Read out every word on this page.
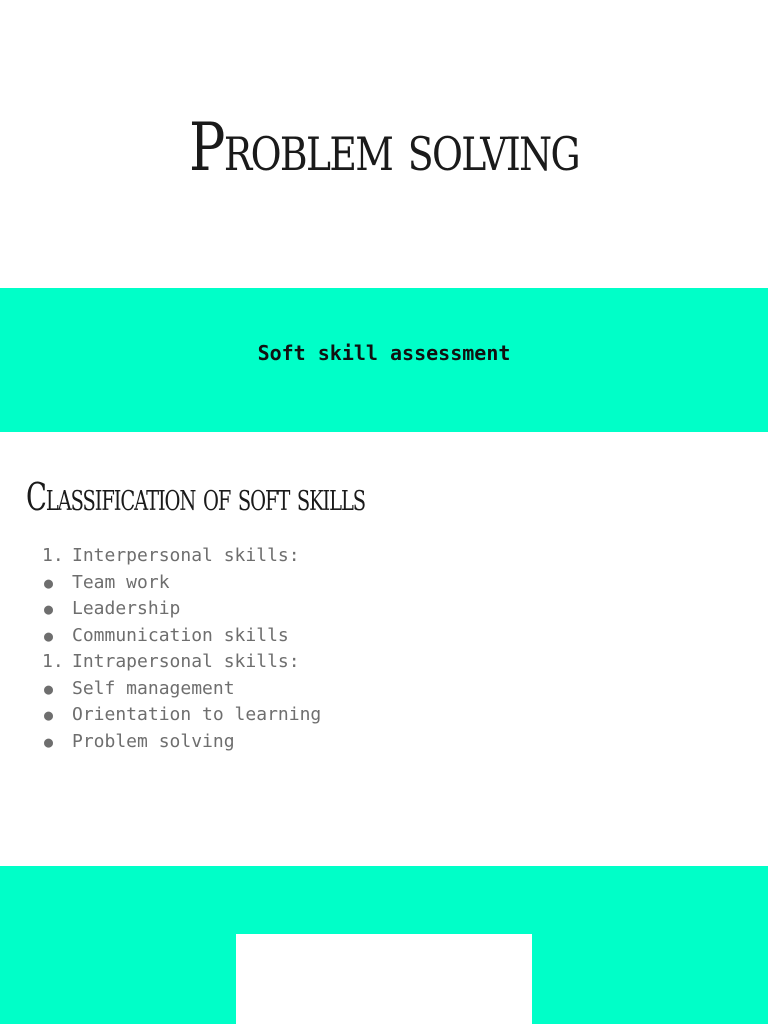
Problem solving
Soft skill assessment
Classification of soft skills
1. Interpersonal skills:
●	Team work
●	Leadership
●	Communication skills
1. Intrapersonal skills:
●	Self management
●	Orientation to learning
●	Problem solving
